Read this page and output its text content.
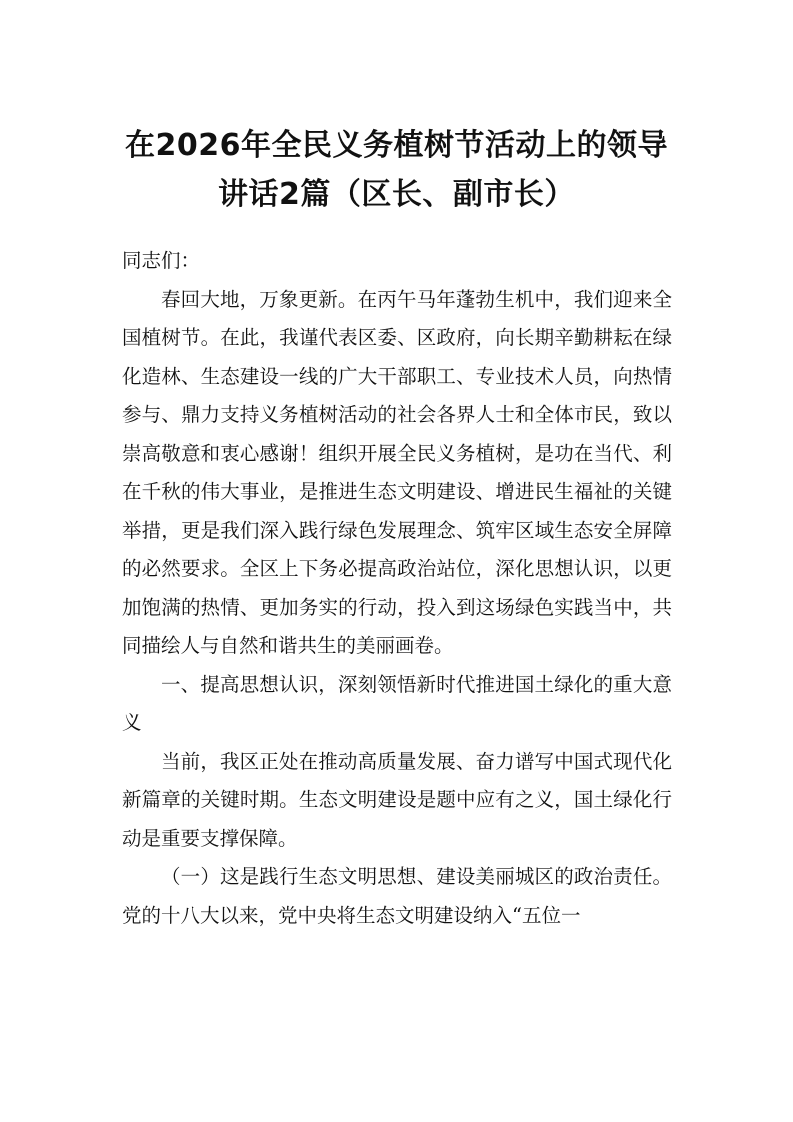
在2026年全民义务植树节活动上的领导讲话2篇（区长、副市长）

同志们：

春回大地，万象更新。在丙午马年蓬勃生机中，我们迎来全国植树节。在此，我谨代表区委、区政府，向长期辛勤耕耘在绿化造林、生态建设一线的广大干部职工、专业技术人员，向热情参与、鼎力支持义务植树活动的社会各界人士和全体市民，致以崇高敬意和衷心感谢！组织开展全民义务植树，是功在当代、利在千秋的伟大事业，是推进生态文明建设、增进民生福祉的关键举措，更是我们深入践行绿色发展理念、筑牢区域生态安全屏障的必然要求。全区上下务必提高政治站位，深化思想认识，以更加饱满的热情、更加务实的行动，投入到这场绿色实践当中，共同描绘人与自然和谐共生的美丽画卷。

一、提高思想认识，深刻领悟新时代推进国土绿化的重大意义

当前，我区正处在推动高质量发展、奋力谱写中国式现代化新篇章的关键时期。生态文明建设是题中应有之义，国土绿化行动是重要支撑保障。

（一）这是践行生态文明思想、建设美丽城区的政治责任。 党的十八大以来，党中央将生态文明建设纳入“五位一
